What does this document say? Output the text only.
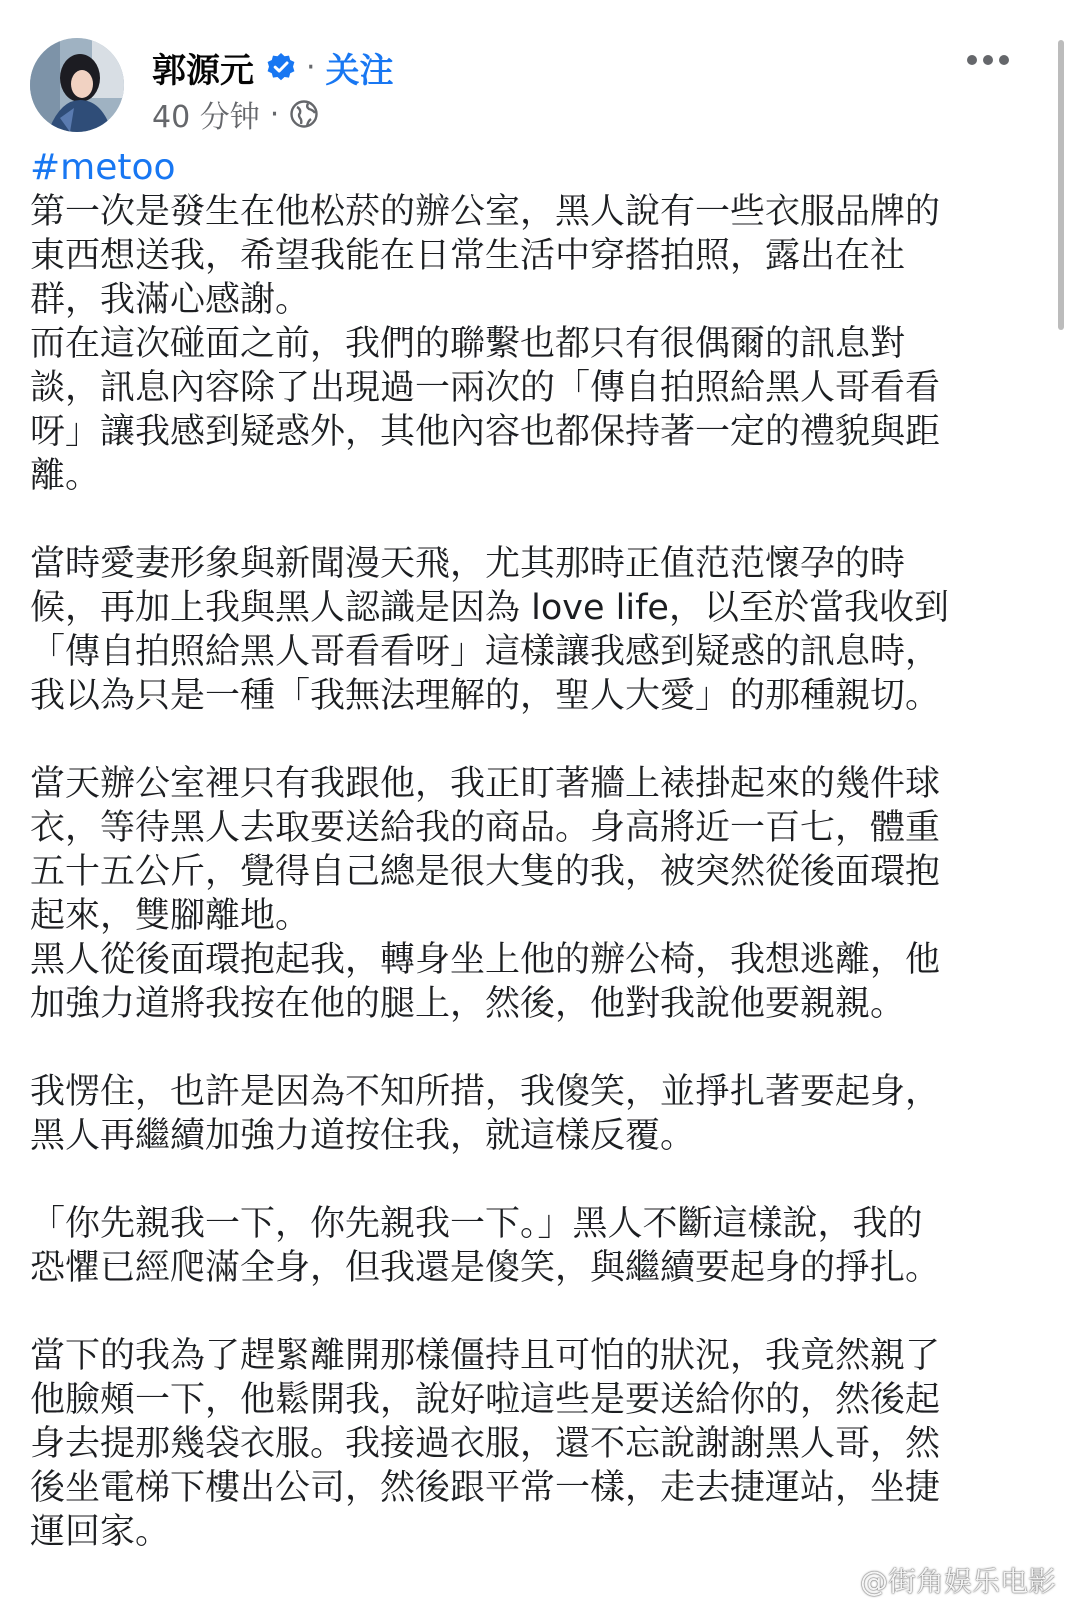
郭源元 · 关注
40 分钟 ·
#metoo
第一次是發生在他松菸的辦公室，黑人說有一些衣服品牌的
東西想送我，希望我能在日常生活中穿搭拍照，露出在社
群，我滿心感謝。
而在這次碰面之前，我們的聯繫也都只有很偶爾的訊息對
談，訊息內容除了出現過一兩次的「傳自拍照給黑人哥看看
呀」讓我感到疑惑外，其他內容也都保持著一定的禮貌與距
離。
當時愛妻形象與新聞漫天飛，尤其那時正值范范懷孕的時
候，再加上我與黑人認識是因為 love life，以至於當我收到
「傳自拍照給黑人哥看看呀」這樣讓我感到疑惑的訊息時，
我以為只是一種「我無法理解的，聖人大愛」的那種親切。
當天辦公室裡只有我跟他，我正盯著牆上裱掛起來的幾件球
衣，等待黑人去取要送給我的商品。身高將近一百七，體重
五十五公斤，覺得自己總是很大隻的我，被突然從後面環抱
起來，雙腳離地。
黑人從後面環抱起我，轉身坐上他的辦公椅，我想逃離，他
加強力道將我按在他的腿上，然後，他對我說他要親親。
我愣住，也許是因為不知所措，我傻笑，並掙扎著要起身，
黑人再繼續加強力道按住我，就這樣反覆。
「你先親我一下，你先親我一下。」黑人不斷這樣說，我的
恐懼已經爬滿全身，但我還是傻笑，與繼續要起身的掙扎。
當下的我為了趕緊離開那樣僵持且可怕的狀況，我竟然親了
他臉頰一下，他鬆開我，說好啦這些是要送給你的，然後起
身去提那幾袋衣服。我接過衣服，還不忘說謝謝黑人哥，然
後坐電梯下樓出公司，然後跟平常一樣，走去捷運站，坐捷
運回家。
@街角娱乐电影
